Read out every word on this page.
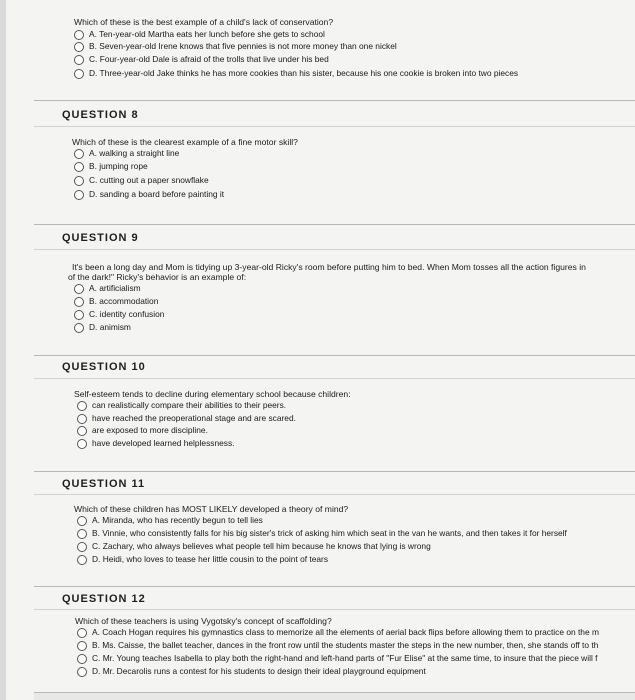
Which of these is the best example of a child's lack of conservation?
A. Ten-year-old Martha eats her lunch before she gets to school
B. Seven-year-old Irene knows that five pennies is not more money than one nickel
C. Four-year-old Dale is afraid of the trolls that live under his bed
D. Three-year-old Jake thinks he has more cookies than his sister, because his one cookie is broken into two pieces
QUESTION 8
Which of these is the clearest example of a fine motor skill?
A. walking a straight line
B. jumping rope
C. cutting out a paper snowflake
D. sanding a board before painting it
QUESTION 9
It's been a long day and Mom is tidying up 3-year-old Ricky's room before putting him to bed. When Mom tosses all the action figures in
of the dark!" Ricky's behavior is an example of:
A. artificialism
B. accommodation
C. identity confusion
D. animism
QUESTION 10
Self-esteem tends to decline during elementary school because children:
can realistically compare their abilities to their peers.
have reached the preoperational stage and are scared.
are exposed to more discipline.
have developed learned helplessness.
QUESTION 11
Which of these children has MOST LIKELY developed a theory of mind?
A. Miranda, who has recently begun to tell lies
B. Vinnie, who consistently falls for his big sister's trick of asking him which seat in the van he wants, and then takes it for herself
C. Zachary, who always believes what people tell him because he knows that lying is wrong
D. Heidi, who loves to tease her little cousin to the point of tears
QUESTION 12
Which of these teachers is using Vygotsky's concept of scaffolding?
A. Coach Hogan requires his gymnastics class to memorize all the elements of aerial back flips before allowing them to practice on the m
B. Ms. Caisse, the ballet teacher, dances in the front row until the students master the steps in the new number, then, she stands off to th
C. Mr. Young teaches Isabella to play both the right-hand and left-hand parts of "Fur Elise" at the same time, to insure that the piece will f
D. Mr. Decarolis runs a contest for his students to design their ideal playground equipment
